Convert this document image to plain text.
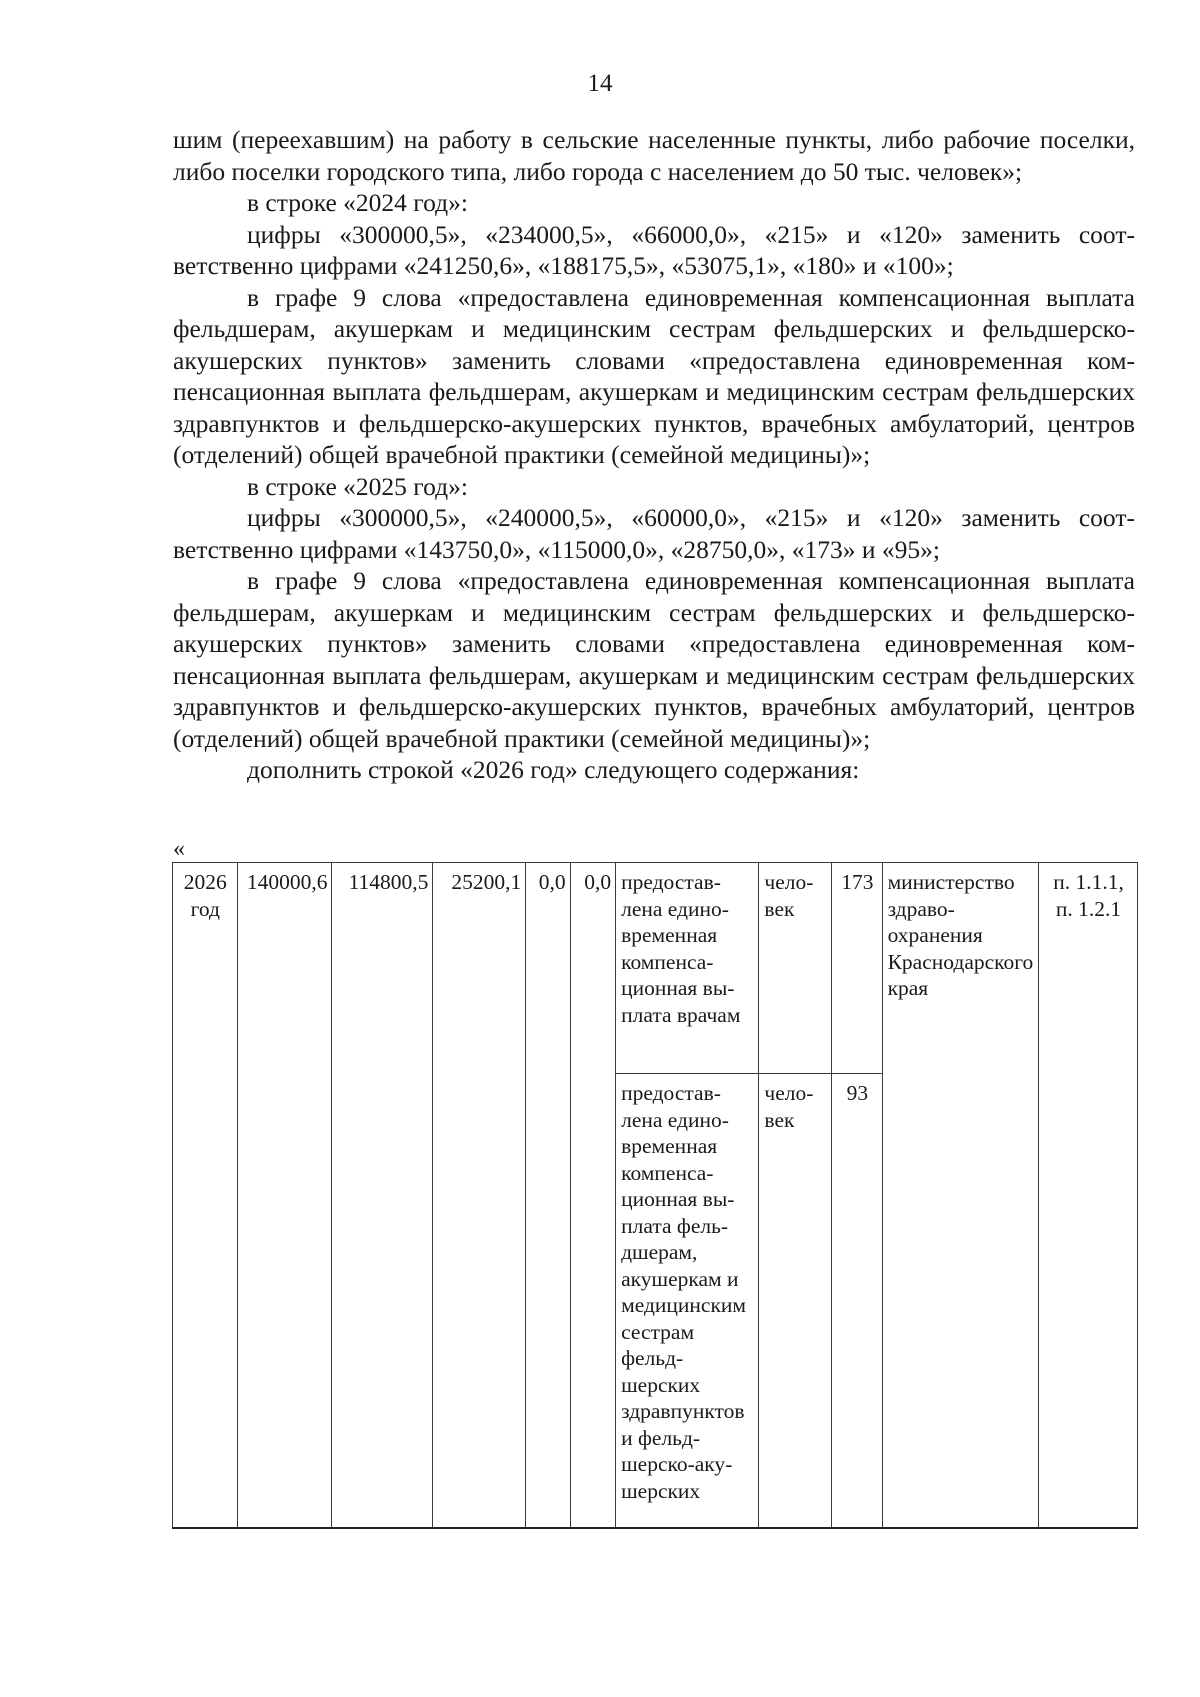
14

шим (переехавшим) на работу в сельские населенные пункты, либо рабочие поселки, либо поселки городского типа, либо города с населением до 50 тыс. человек»;

в строке «2024 год»:

цифры «300000,5», «234000,5», «66000,0», «215» и «120» заменить соответственно цифрами «241250,6», «188175,5», «53075,1», «180» и «100»;

в графе 9 слова «предоставлена единовременная компенсационная выплата фельдшерам, акушеркам и медицинским сестрам фельдшерских и фельдшерско-акушерских пунктов» заменить словами «предоставлена единовременная компенсационная выплата фельдшерам, акушеркам и медицинским сестрам фельдшерских здравпунктов и фельдшерско-акушерских пунктов, врачебных амбулаторий, центров (отделений) общей врачебной практики (семейной медицины)»;

в строке «2025 год»:

цифры «300000,5», «240000,5», «60000,0», «215» и «120» заменить соответственно цифрами «143750,0», «115000,0», «28750,0», «173» и «95»;

в графе 9 слова «предоставлена единовременная компенсационная выплата фельдшерам, акушеркам и медицинским сестрам фельдшерских и фельдшерско-акушерских пунктов» заменить словами «предоставлена единовременная компенсационная выплата фельдшерам, акушеркам и медицинским сестрам фельдшерских здравпунктов и фельдшерско-акушерских пунктов, врачебных амбулаторий, центров (отделений) общей врачебной практики (семейной медицины)»;

дополнить строкой «2026 год» следующего содержания:

«
2026 год	140000,6	114800,5	25200,1	0,0	0,0	предоставлена единовременная компенсационная выплата врачам	человек	173	министерство здравоохранения Краснодарского края	п. 1.1.1, п. 1.2.1
						предоставлена единовременная компенсационная выплата фельдшерам, акушеркам и медицинским сестрам фельдшерских здравпунктов и фельдшерско-акушерских	человек	93		
